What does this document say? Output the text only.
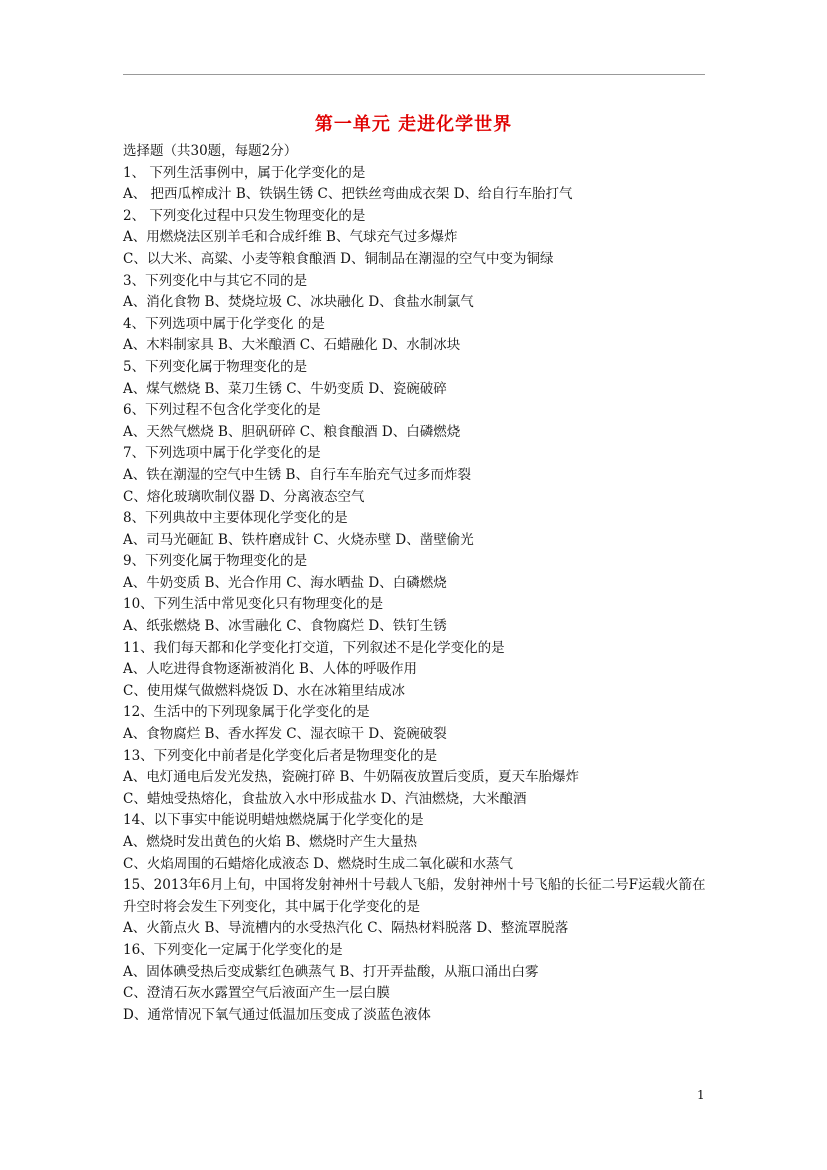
第一单元 走进化学世界
选择题（共30题，每题2分）
1、 下列生活事例中，属于化学变化的是
A、 把西瓜榨成汁 B、铁锅生锈 C、把铁丝弯曲成衣架 D、给自行车胎打气
2、 下列变化过程中只发生物理变化的是
A、用燃烧法区别羊毛和合成纤维 B、气球充气过多爆炸
C、以大米、高粱、小麦等粮食酿酒 D、铜制品在潮湿的空气中变为铜绿
3、下列变化中与其它不同的是
A、消化食物 B、焚烧垃圾 C、冰块融化 D、食盐水制氯气
4、下列选项中属于化学变化 的是
A、木料制家具 B、大米酿酒 C、石蜡融化 D、水制冰块
5、下列变化属于物理变化的是
A、煤气燃烧 B、菜刀生锈 C、牛奶变质 D、瓷碗破碎
6、下列过程不包含化学变化的是
A、天然气燃烧 B、胆矾研碎 C、粮食酿酒 D、白磷燃烧
7、下列选项中属于化学变化的是
A、铁在潮湿的空气中生锈 B、自行车车胎充气过多而炸裂
C、熔化玻璃吹制仪器 D、分离液态空气
8、下列典故中主要体现化学变化的是
A、司马光砸缸 B、铁杵磨成针 C、火烧赤壁 D、凿壁偷光
9、下列变化属于物理变化的是
A、牛奶变质 B、光合作用 C、海水晒盐 D、白磷燃烧
10、下列生活中常见变化只有物理变化的是
A、纸张燃烧 B、冰雪融化 C、食物腐烂 D、铁钉生锈
11、我们每天都和化学变化打交道，下列叙述不是化学变化的是
A、人吃进得食物逐渐被消化 B、人体的呼吸作用
C、使用煤气做燃料烧饭 D、水在冰箱里结成冰
12、生活中的下列现象属于化学变化的是
A、食物腐烂 B、香水挥发 C、湿衣晾干 D、瓷碗破裂
13、下列变化中前者是化学变化后者是物理变化的是
A、电灯通电后发光发热，瓷碗打碎 B、牛奶隔夜放置后变质，夏天车胎爆炸
C、蜡烛受热熔化，食盐放入水中形成盐水 D、汽油燃烧，大米酿酒
14、以下事实中能说明蜡烛燃烧属于化学变化的是
A、燃烧时发出黄色的火焰 B、燃烧时产生大量热
C、火焰周围的石蜡熔化成液态 D、燃烧时生成二氧化碳和水蒸气
15、2013年6月上旬，中国将发射神州十号载人飞船，发射神州十号飞船的长征二号F运载火箭在升空时将会发生下列变化，其中属于化学变化的是
A、火箭点火 B、导流槽内的水受热汽化 C、隔热材料脱落 D、整流罩脱落
16、下列变化一定属于化学变化的是
A、固体碘受热后变成紫红色碘蒸气 B、打开弄盐酸，从瓶口涌出白雾
C、澄清石灰水露置空气后液面产生一层白膜
D、通常情况下氧气通过低温加压变成了淡蓝色液体
1
